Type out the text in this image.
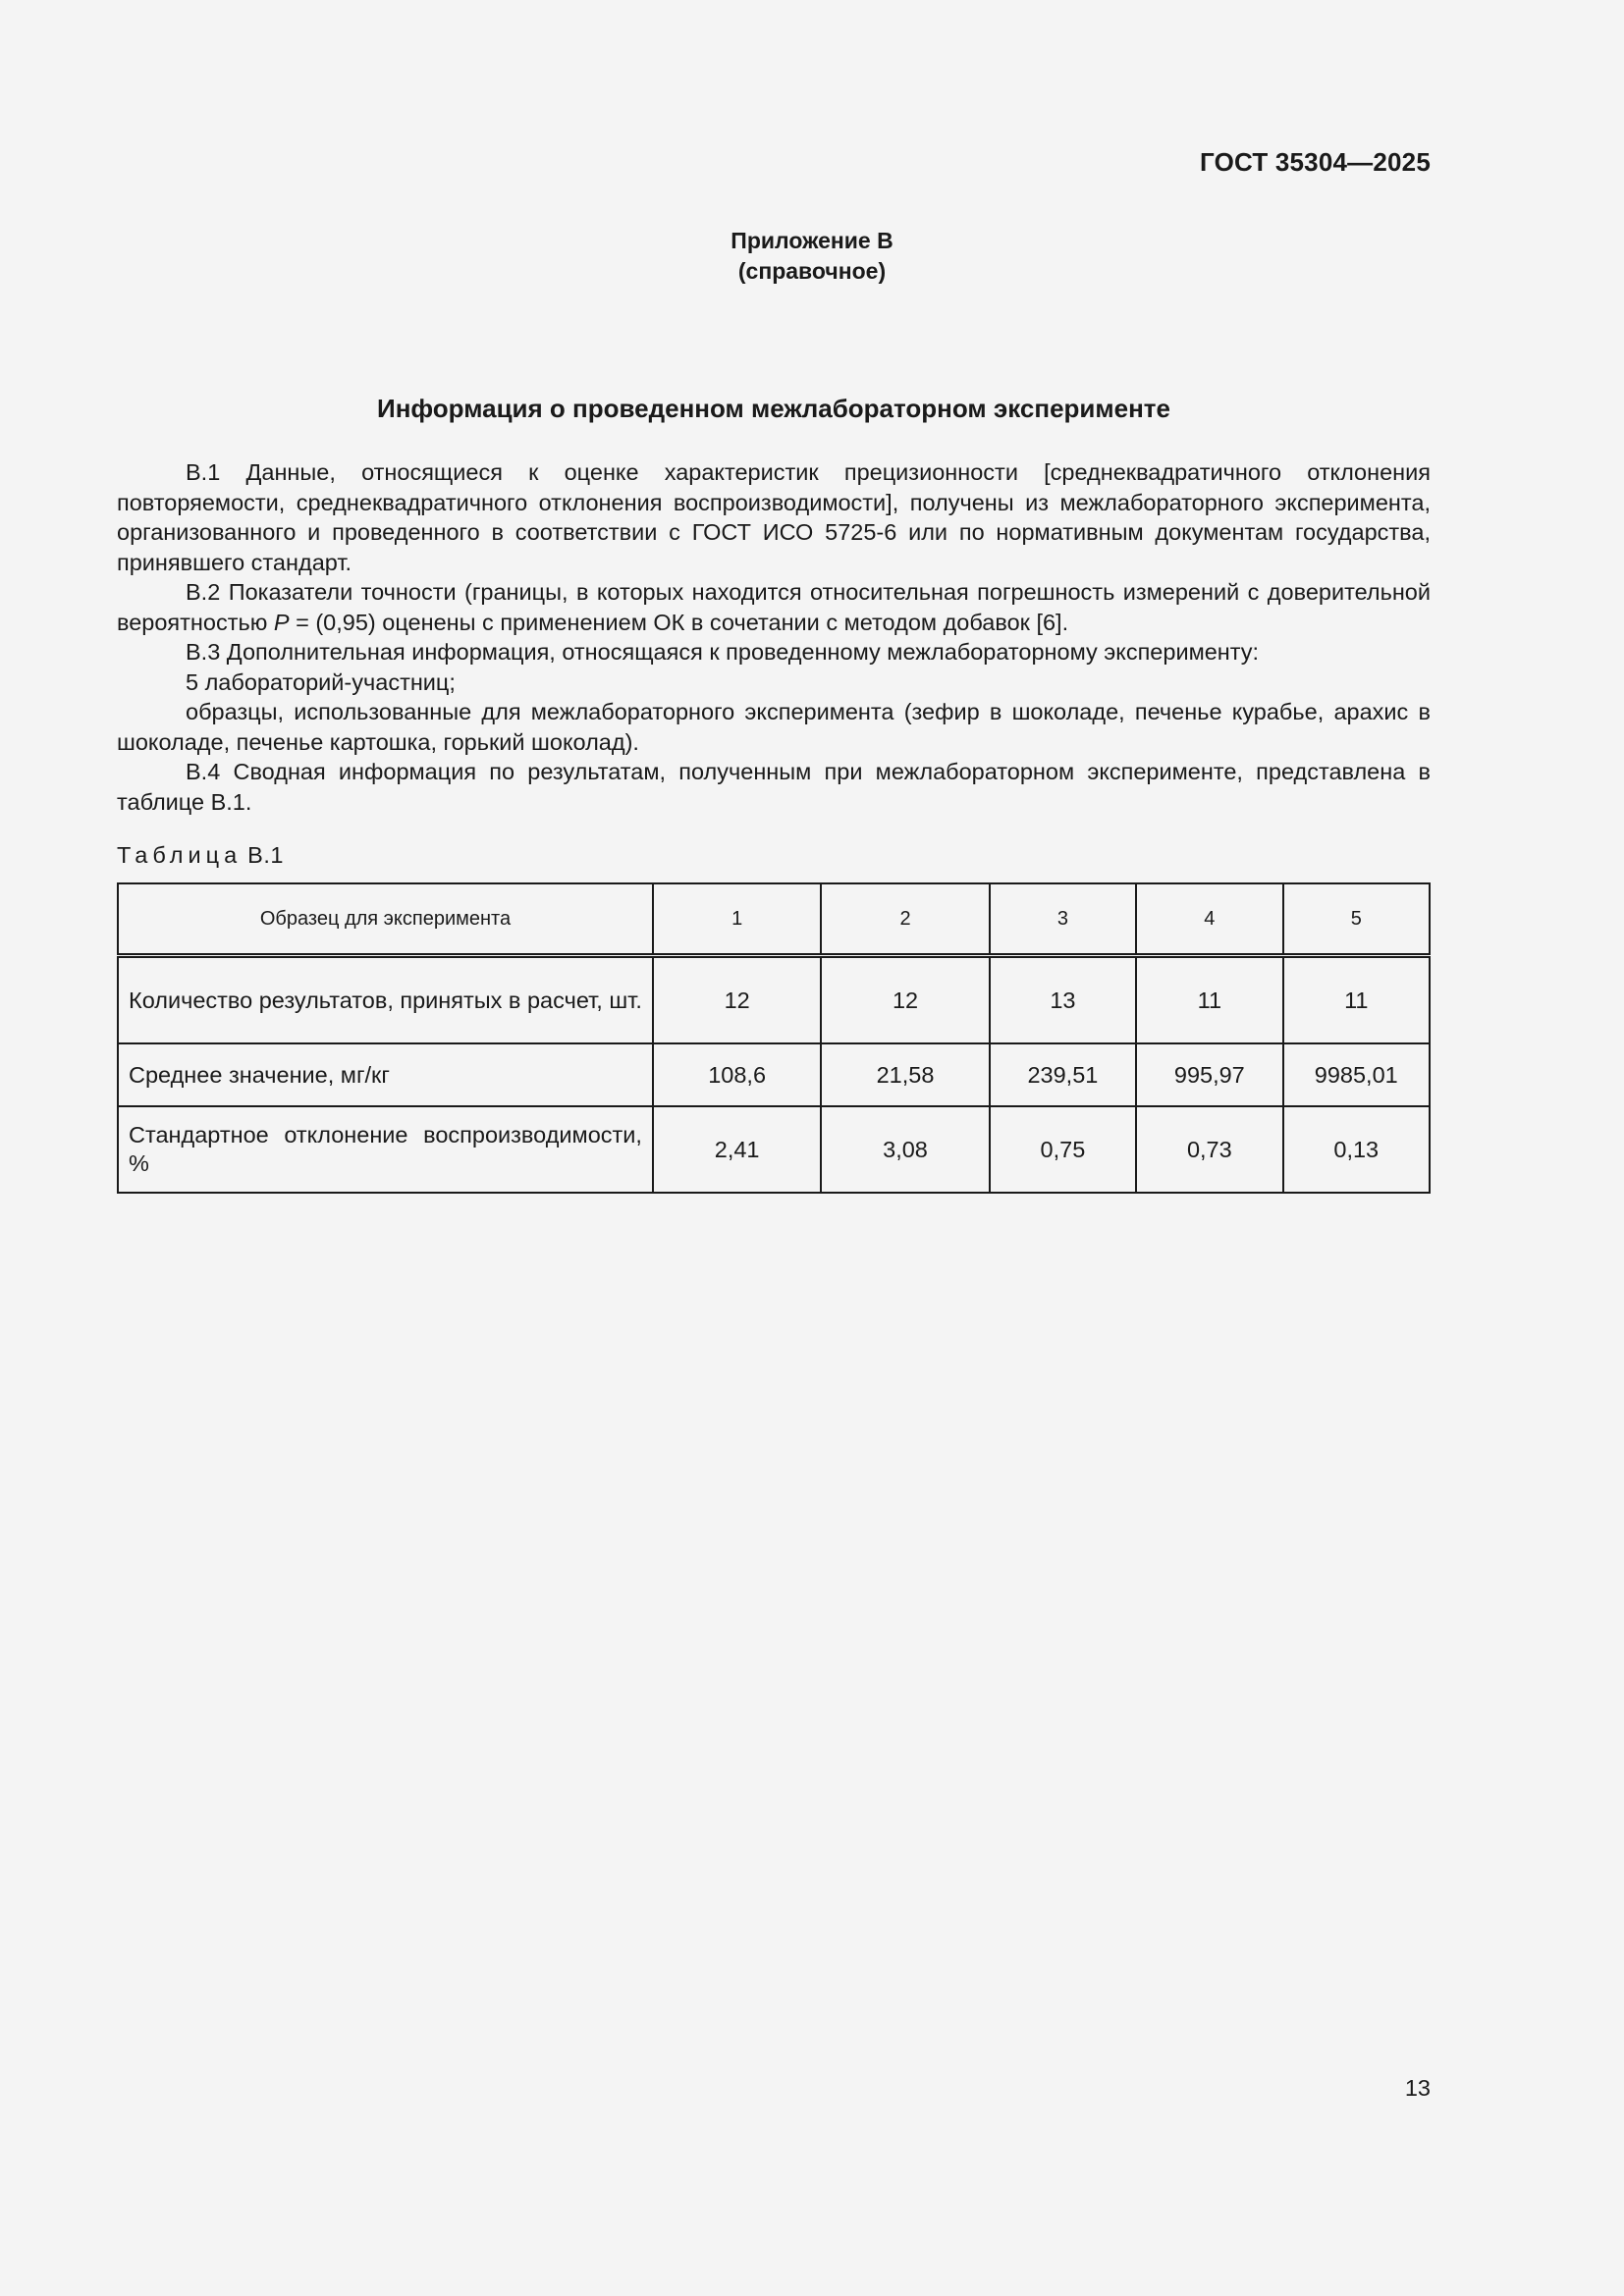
ГОСТ 35304—2025
Приложение В
(справочное)
Информация о проведенном межлабораторном эксперименте

В.1 Данные, относящиеся к оценке характеристик прецизионности [среднеквадратичного отклонения повторяемости, среднеквадратичного отклонения воспроизводимости], получены из межлабораторного эксперимента, организованного и проведенного в соответствии с ГОСТ ИСО 5725-6 или по нормативным документам государства, принявшего стандарт.

В.2 Показатели точности (границы, в которых находится относительная погрешность измерений с доверительной вероятностью Р = (0,95) оценены с применением ОК в сочетании с методом добавок [6].

В.3 Дополнительная информация, относящаяся к проведенному межлабораторному эксперименту:

5 лабораторий-участниц;

образцы, использованные для межлабораторного эксперимента (зефир в шоколаде, печенье курабье, арахис в шоколаде, печенье картошка, горький шоколад).

В.4 Сводная информация по результатам, полученным при межлабораторном эксперименте, представлена в таблице В.1.

Таблица В.1
Образец для эксперимента	1	2	3	4	5
Количество результатов, принятых в расчет, шт.	12	12	13	11	11
Среднее значение, мг/кг	108,6	21,58	239,51	995,97	9985,01
Стандартное отклонение воспроизводимости, %	2,41	3,08	0,75	0,73	0,13
13
